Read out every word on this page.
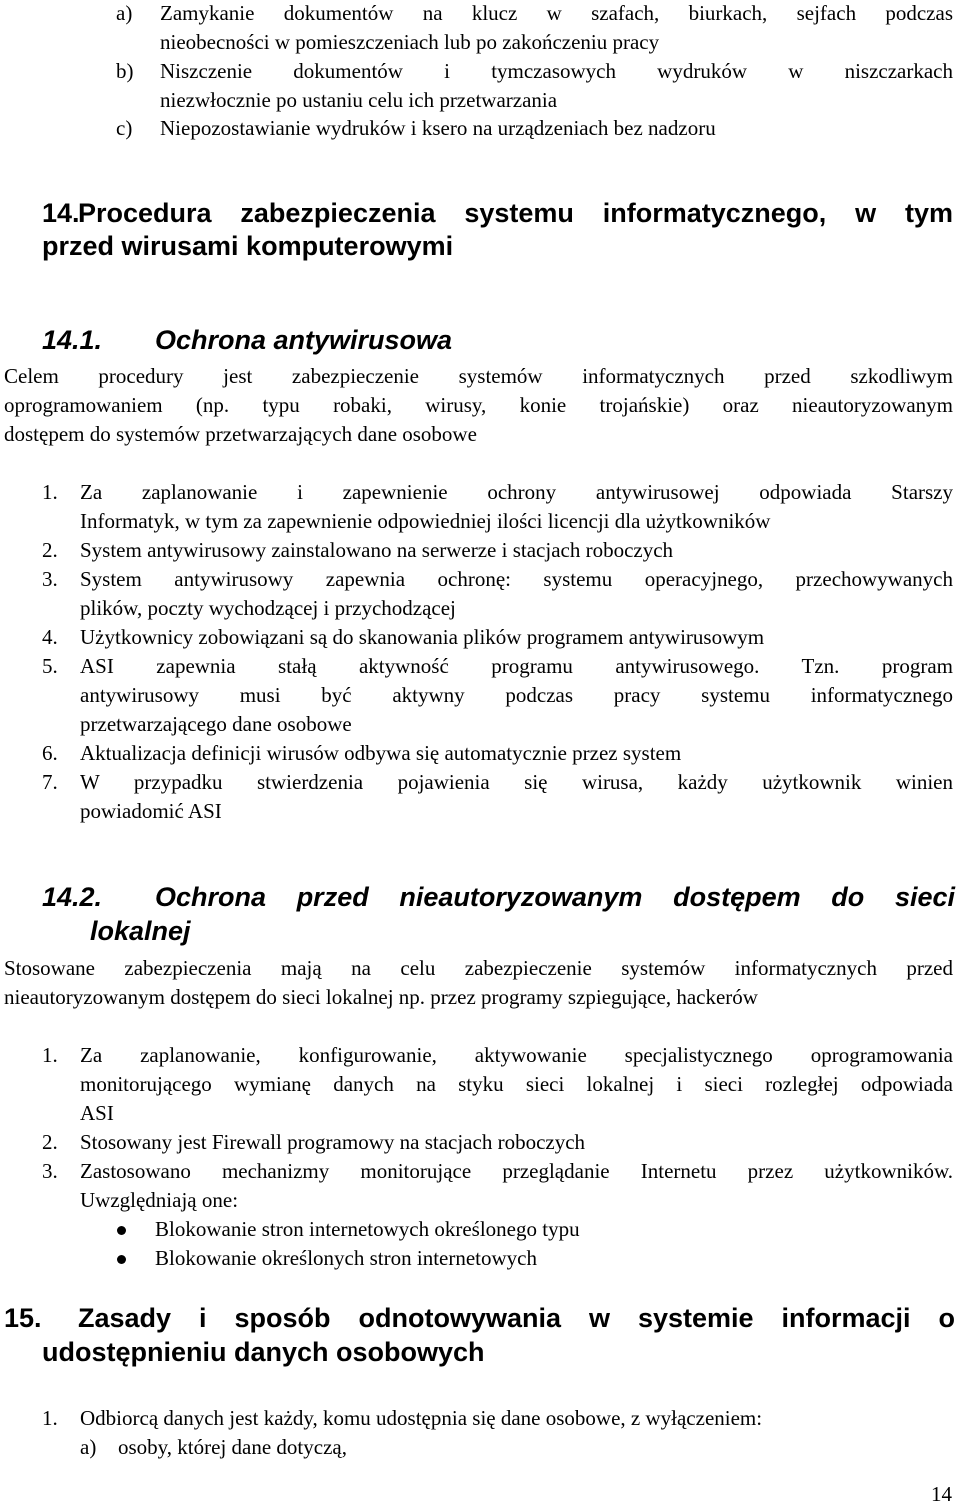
a) Zamykanie dokumentów na klucz w szafach, biurkach, sejfach podczas
nieobecności w pomieszczeniach lub po zakończeniu pracy
b) Niszczenie dokumentów i tymczasowych wydruków w niszczarkach
niezwłocznie po ustaniu celu ich przetwarzania
c) Niepozostawianie wydruków i ksero na urządzeniach bez nadzoru
14.
Procedura zabezpieczenia systemu informatycznego, w tym
przed wirusami komputerowymi
14.1. Ochrona antywirusowa
Celem procedury jest zabezpieczenie systemów informatycznych przed szkodliwym
oprogramowaniem (np. typu robaki, wirusy, konie trojańskie) oraz nieautoryzowanym
dostępem do systemów przetwarzających dane osobowe
1. Za zaplanowanie i zapewnienie ochrony antywirusowej odpowiada Starszy
Informatyk, w tym za zapewnienie odpowiedniej ilości licencji dla użytkowników
2. System antywirusowy zainstalowano na serwerze i stacjach roboczych
3. System antywirusowy zapewnia ochronę: systemu operacyjnego, przechowywanych
plików, poczty wychodzącej i przychodzącej
4. Użytkownicy zobowiązani są do skanowania plików programem antywirusowym
5. ASI zapewnia stałą aktywność programu antywirusowego. Tzn. program
antywirusowy musi być aktywny podczas pracy systemu informatycznego
przetwarzającego dane osobowe
6. Aktualizacja definicji wirusów odbywa się automatycznie przez system
7. W przypadku stwierdzenia pojawienia się wirusa, każdy użytkownik winien
powiadomić ASI
14.2. Ochrona przed nieautoryzowanym dostępem do sieci
lokalnej
Stosowane zabezpieczenia mają na celu zabezpieczenie systemów informatycznych przed
nieautoryzowanym dostępem do sieci lokalnej np. przez programy szpiegujące, hackerów
1. Za zaplanowanie, konfigurowanie, aktywowanie specjalistycznego oprogramowania
monitorującego wymianę danych na styku sieci lokalnej i sieci rozległej odpowiada
ASI
2. Stosowany jest Firewall programowy na stacjach roboczych
3. Zastosowano mechanizmy monitorujące przeglądanie Internetu przez użytkowników.
Uwzględniają one:
Blokowanie stron internetowych określonego typu
Blokowanie określonych stron internetowych
15. Zasady i sposób odnotowywania w systemie informacji o
udostępnieniu danych osobowych
1. Odbiorcą danych jest każdy, komu udostępnia się dane osobowe, z wyłączeniem:
a) osoby, której dane dotyczą,
14
